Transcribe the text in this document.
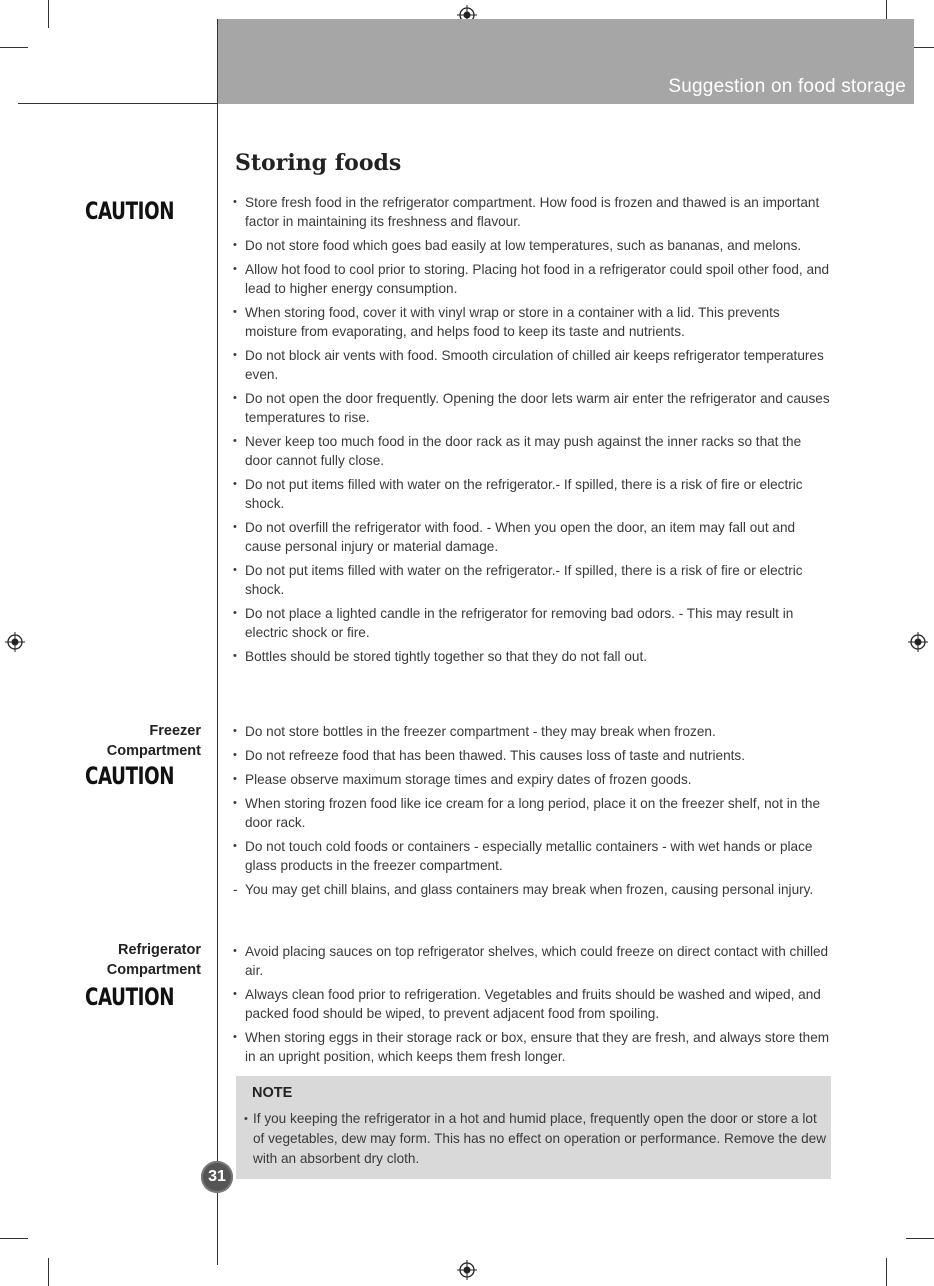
Suggestion on food storage
Storing foods
CAUTION
Freezer
Compartment
CAUTION
Refrigerator
Compartment
CAUTION
• Store fresh food in the refrigerator compartment. How food is frozen and thawed is an important factor in maintaining its freshness and flavour.
• Do not store food which goes bad easily at low temperatures, such as bananas, and melons.
• Allow hot food to cool prior to storing. Placing hot food in a refrigerator could spoil other food, and lead to higher energy consumption.
• When storing food, cover it with vinyl wrap or store in a container with a lid. This prevents moisture from evaporating, and helps food to keep its taste and nutrients.
• Do not block air vents with food. Smooth circulation of chilled air keeps refrigerator temperatures even.
• Do not open the door frequently. Opening the door lets warm air enter the refrigerator and causes temperatures to rise.
• Never keep too much food in the door rack as it may push against the inner racks so that the door cannot fully close.
• Do not put items filled with water on the refrigerator.- If spilled, there is a risk of fire or electric shock.
• Do not overfill the refrigerator with food. - When you open the door, an item may fall out and cause personal injury or material damage.
• Do not put items filled with water on the refrigerator.- If spilled, there is a risk of fire or electric shock.
• Do not place a lighted candle in the refrigerator for removing bad odors. - This may result in electric shock or fire.
• Bottles should be stored tightly together so that they do not fall out.
• Do not store bottles in the freezer compartment - they may break when frozen.
• Do not refreeze food that has been thawed. This causes loss of taste and nutrients.
• Please observe maximum storage times and expiry dates of frozen goods.
• When storing frozen food like ice cream for a long period, place it on the freezer shelf, not in the door rack.
• Do not touch cold foods or containers - especially metallic containers - with wet hands or place glass products in the freezer compartment.
- You may get chill blains, and glass containers may break when frozen, causing personal injury.
• Avoid placing sauces on top refrigerator shelves, which could freeze on direct contact with chilled air.
• Always clean food prior to refrigeration. Vegetables and fruits should be washed and wiped, and packed food should be wiped, to prevent adjacent food from spoiling.
• When storing eggs in their storage rack or box, ensure that they are fresh, and always store them in an upright position, which keeps them fresh longer.
NOTE
• If you keeping the refrigerator in a hot and humid place, frequently open the door or store a lot of vegetables, dew may form. This has no effect on operation or performance. Remove the dew with an absorbent dry cloth.
31
